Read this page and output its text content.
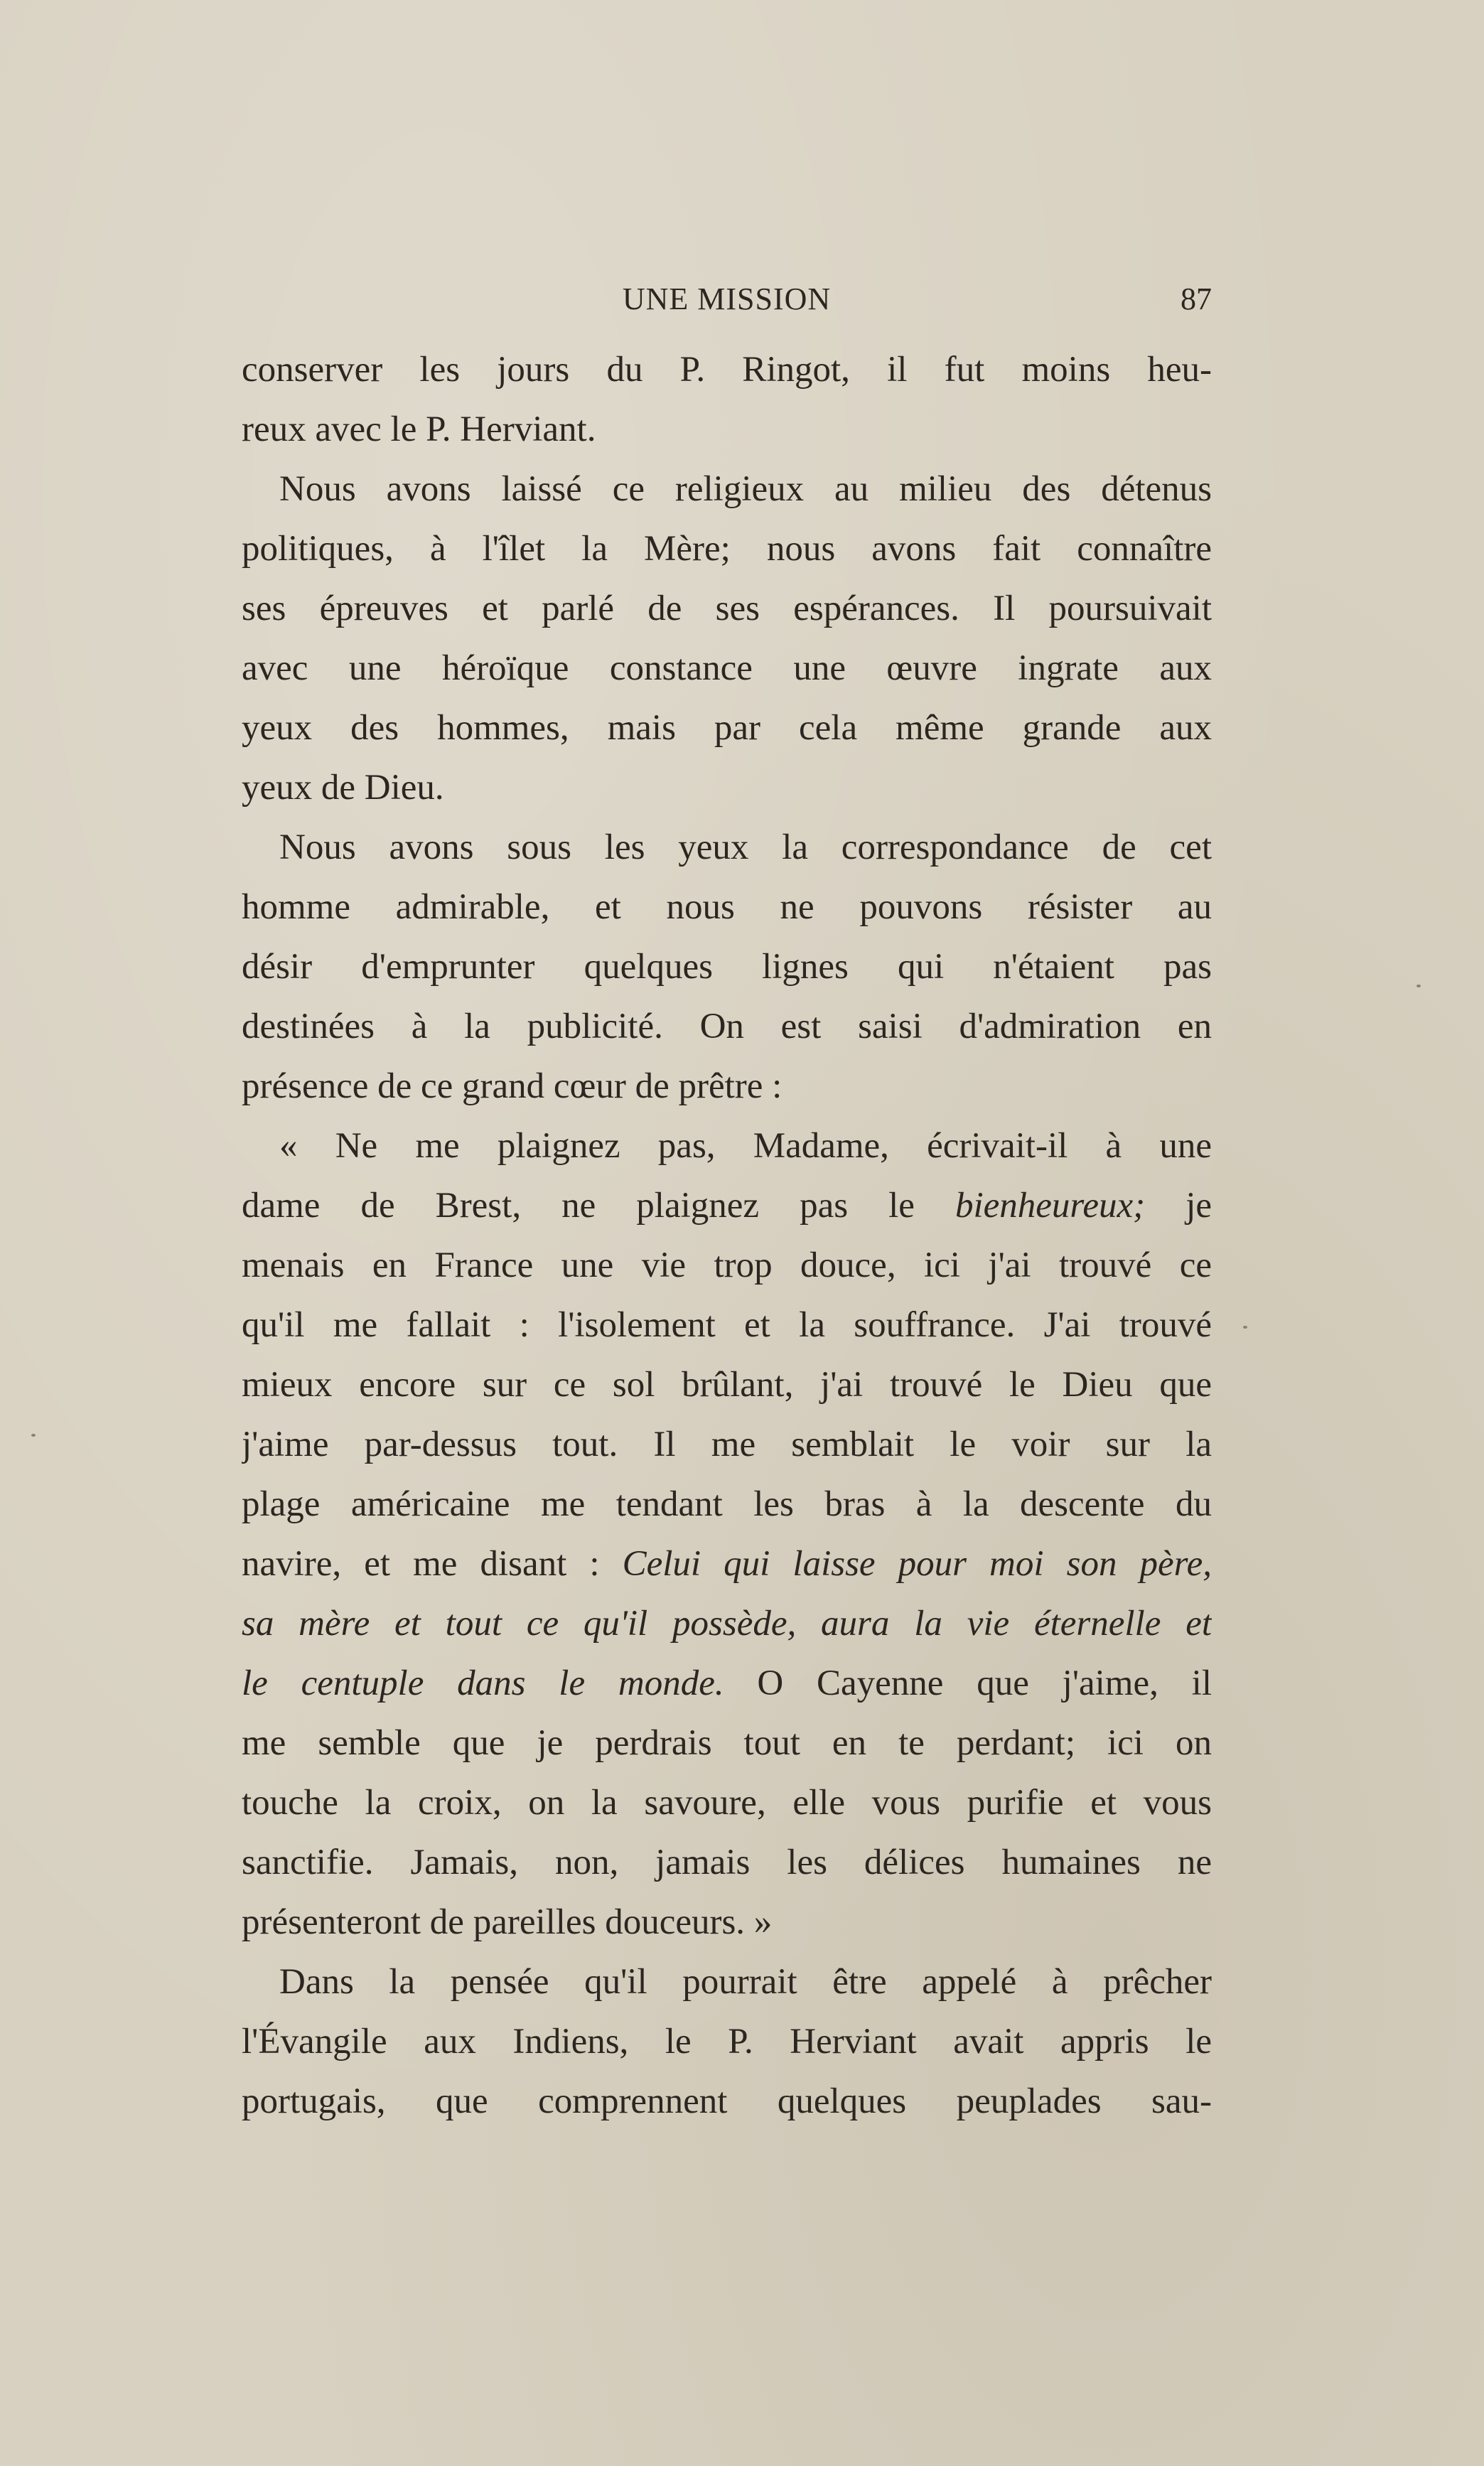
UNE MISSION	87
conserver les jours du P. Ringot, il fut moins heu-
reux avec le P. Herviant.
Nous avons laissé ce religieux au milieu des détenus
politiques, à l'îlet la Mère; nous avons fait connaître
ses épreuves et parlé de ses espérances. Il poursuivait
avec une héroïque constance une œuvre ingrate aux
yeux des hommes, mais par cela même grande aux
yeux de Dieu.
Nous avons sous les yeux la correspondance de cet
homme admirable, et nous ne pouvons résister au
désir d'emprunter quelques lignes qui n'étaient pas
destinées à la publicité. On est saisi d'admiration en
présence de ce grand cœur de prêtre :
« Ne me plaignez pas, Madame, écrivait-il à une
dame de Brest, ne plaignez pas le bienheureux; je
menais en France une vie trop douce, ici j'ai trouvé ce
qu'il me fallait : l'isolement et la souffrance. J'ai trouvé
mieux encore sur ce sol brûlant, j'ai trouvé le Dieu que
j'aime par-dessus tout. Il me semblait le voir sur la
plage américaine me tendant les bras à la descente du
navire, et me disant : Celui qui laisse pour moi son père,
sa mère et tout ce qu'il possède, aura la vie éternelle et
le centuple dans le monde. O Cayenne que j'aime, il
me semble que je perdrais tout en te perdant; ici on
touche la croix, on la savoure, elle vous purifie et vous
sanctifie. Jamais, non, jamais les délices humaines ne
présenteront de pareilles douceurs. »
Dans la pensée qu'il pourrait être appelé à prêcher
l'Évangile aux Indiens, le P. Herviant avait appris le
portugais, que comprennent quelques peuplades sau-
